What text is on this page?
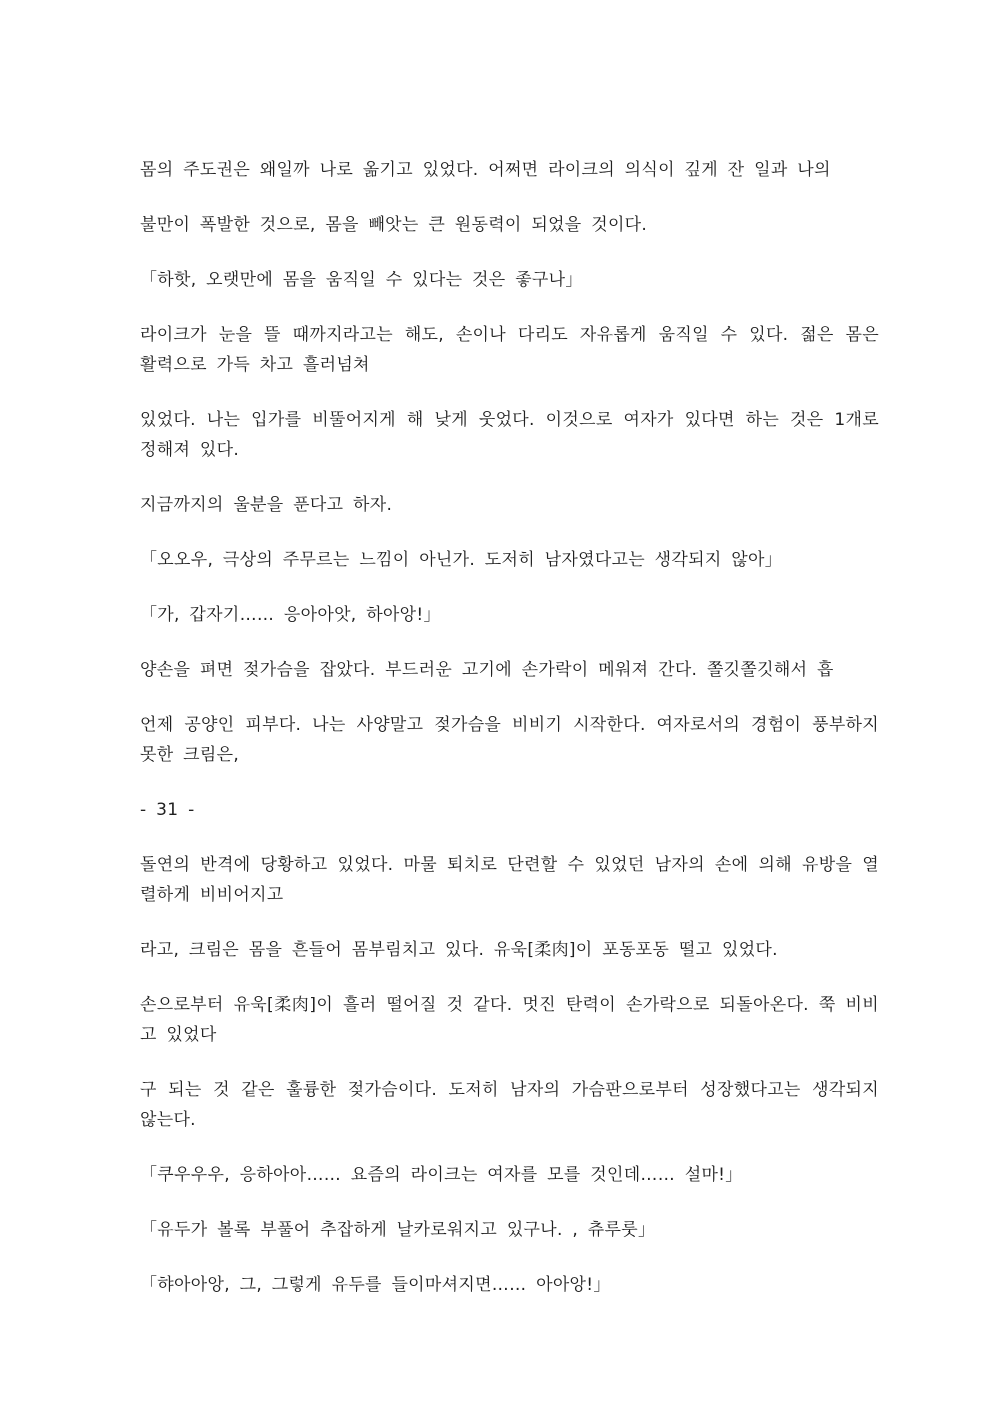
몸의 주도권은 왜일까 나로 옮기고 있었다. 어쩌면 라이크의 의식이 깊게 잔 일과 나의

불만이 폭발한 것으로, 몸을 빼앗는 큰 원동력이 되었을 것이다.

「하핫, 오랫만에 몸을 움직일 수 있다는 것은 좋구나」

라이크가 눈을 뜰 때까지라고는 해도, 손이나 다리도 자유롭게 움직일 수 있다. 젊은 몸은 활력으로 가득 차고 흘러넘쳐

있었다. 나는 입가를 비뚤어지게 해 낮게 웃었다. 이것으로 여자가 있다면 하는 것은 1개로 정해져 있다.

지금까지의 울분을 푼다고 하자.

「오오우, 극상의 주무르는 느낌이 아닌가. 도저히 남자였다고는 생각되지 않아」

「가, 갑자기…… 응아아앗, 하아앙!」

양손을 펴면 젖가슴을 잡았다. 부드러운 고기에 손가락이 메워져 간다. 쫄깃쫄깃해서 흡

언제 공양인 피부다. 나는 사양말고 젖가슴을 비비기 시작한다. 여자로서의 경험이 풍부하지 못한 크림은,

- 31 -

돌연의 반격에 당황하고 있었다. 마물 퇴치로 단련할 수 있었던 남자의 손에 의해 유방을 열렬하게 비비어지고

라고, 크림은 몸을 흔들어 몸부림치고 있다. 유욱[柔肉]이 포동포동 떨고 있었다.

손으로부터 유욱[柔肉]이 흘러 떨어질 것 같다. 멋진 탄력이 손가락으로 되돌아온다. 쭉 비비고 있었다

구 되는 것 같은 훌륭한 젖가슴이다. 도저히 남자의 가슴판으로부터 성장했다고는 생각되지 않는다.

「쿠우우우, 응하아아…… 요즘의 라이크는 여자를 모를 것인데…… 설마!」

「유두가 볼록 부풀어 추잡하게 날카로워지고 있구나. , 츄루룻」

「햐아아앙, 그, 그렇게 유두를 들이마셔지면…… 아아앙!」
